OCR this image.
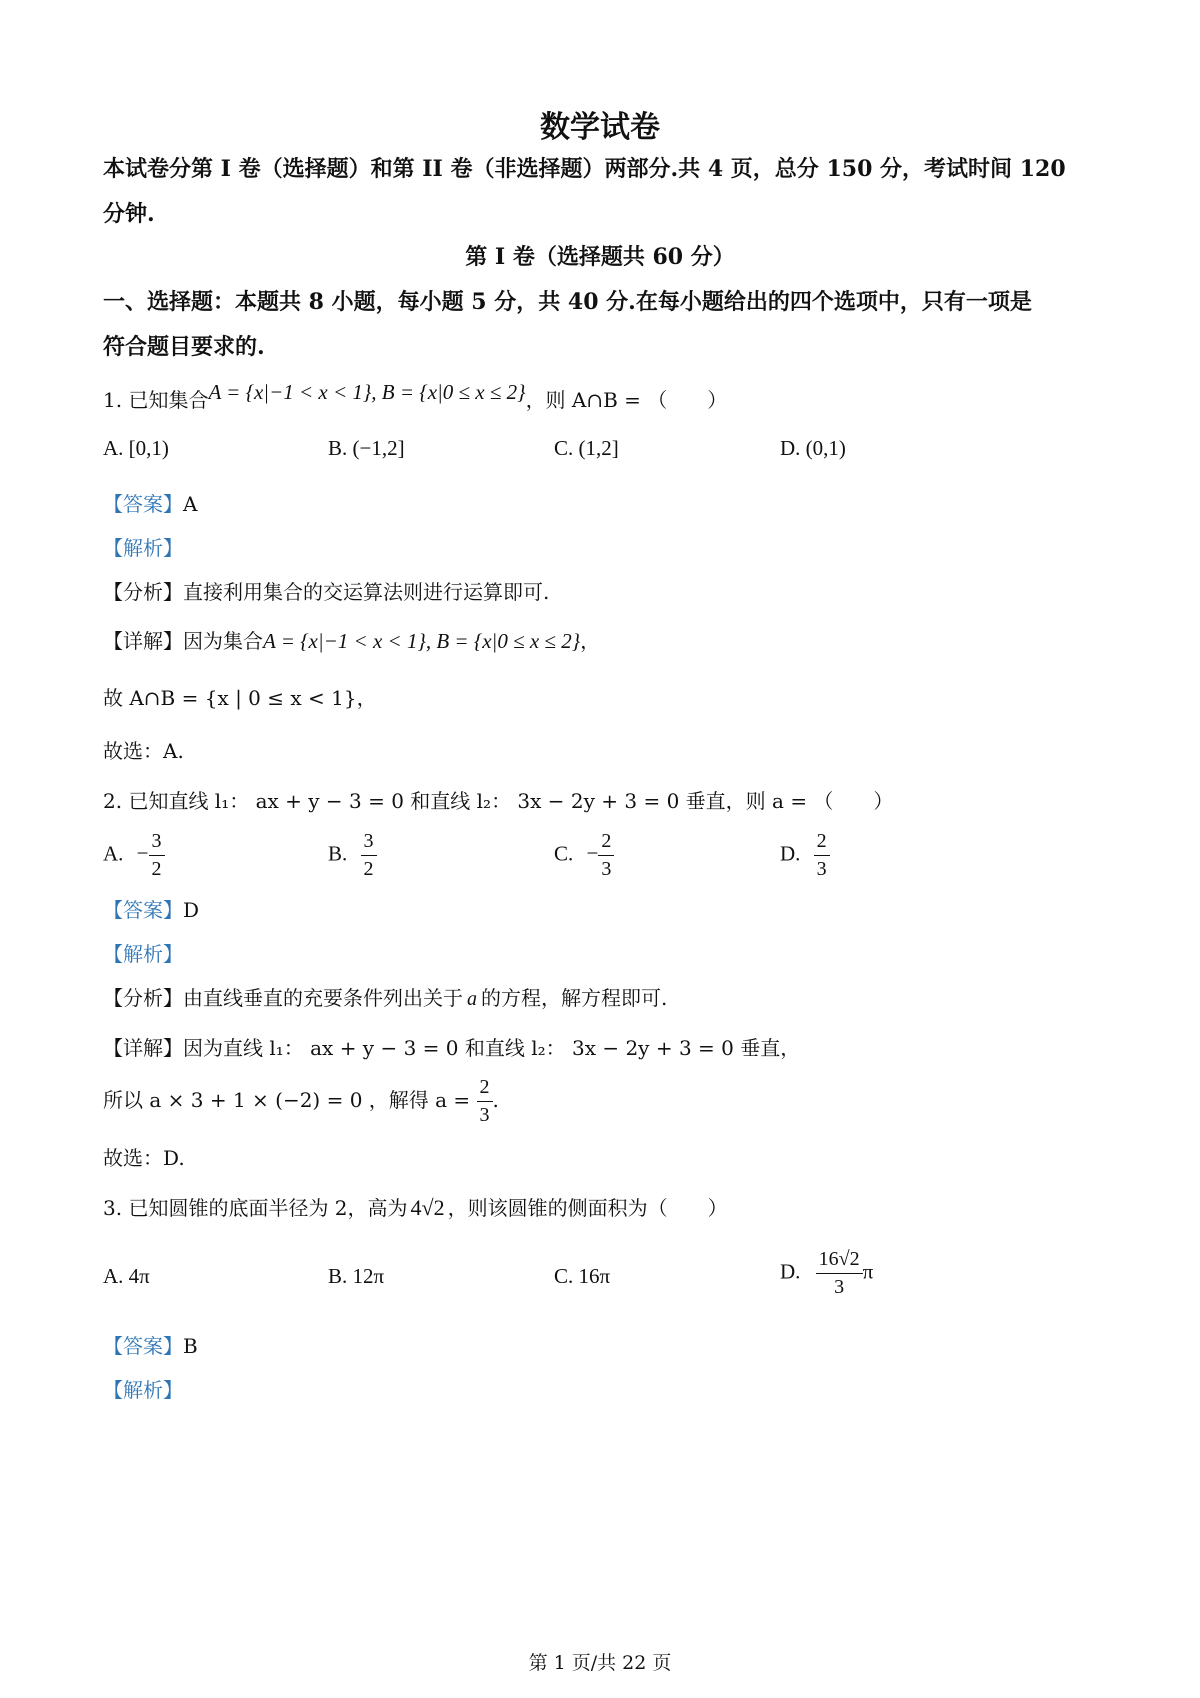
数学试卷
本试卷分第 I 卷（选择题）和第 II 卷（非选择题）两部分.共 4 页，总分 150 分，考试时间 120
分钟.
第 I 卷（选择题共 60 分）
一、选择题：本题共 8 小题，每小题 5 分，共 40 分.在每小题给出的四个选项中，只有一项是
符合题目要求的.
1. 已知集合A = {x|−1 < x < 1}, B = {x|0 ≤ x ≤ 2}，则 A∩B = （　　）
A. [0,1)	B. (−1,2]	C. (1,2]	D. (0,1)
【答案】A
【解析】
【分析】直接利用集合的交运算法则进行运算即可.
【详解】因为集合A = {x|−1 < x < 1}, B = {x|0 ≤ x ≤ 2}，
故 A∩B = {x | 0 ≤ x < 1}，
故选：A.
2. 已知直线 l₁： ax + y − 3 = 0 和直线 l₂： 3x − 2y + 3 = 0 垂直，则 a = （　　）
A. − $\frac{3}{2}$	B. $\frac{3}{2}$	C. − $\frac{2}{3}$	D. $\frac{2}{3}$
【答案】D
【解析】
【分析】由直线垂直的充要条件列出关于 a 的方程，解方程即可.
【详解】因为直线 l₁： ax + y − 3 = 0 和直线 l₂： 3x − 2y + 3 = 0 垂直，
所以 a × 3 + 1 × (−2) = 0 ，解得 $a = \frac{2}{3}$ .
故选：D.
3. 已知圆锥的底面半径为 2，高为 4√2 ，则该圆锥的侧面积为（　　）
A. 4π	B. 12π	C. 16π	D. $\frac{16√2}{3}$ π
【答案】B
【解析】
第 1 页/共 22 页
